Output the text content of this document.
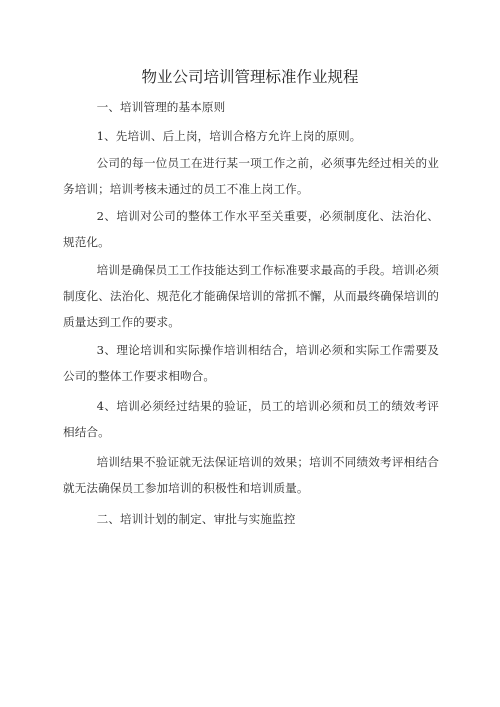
物业公司培训管理标准作业规程
一、培训管理的基本原则
1、先培训、后上岗，培训合格方允许上岗的原则。
公司的每一位员工在进行某一项工作之前，必须事先经过相关的业务培训；培训考核未通过的员工不准上岗工作。
2、培训对公司的整体工作水平至关重要，必须制度化、法治化、规范化。
培训是确保员工工作技能达到工作标准要求最高的手段。培训必须制度化、法治化、规范化才能确保培训的常抓不懈，从而最终确保培训的质量达到工作的要求。
3、理论培训和实际操作培训相结合，培训必须和实际工作需要及公司的整体工作要求相吻合。
4、培训必须经过结果的验证，员工的培训必须和员工的绩效考评相结合。
培训结果不验证就无法保证培训的效果；培训不同绩效考评相结合就无法确保员工参加培训的积极性和培训质量。
二、培训计划的制定、审批与实施监控
